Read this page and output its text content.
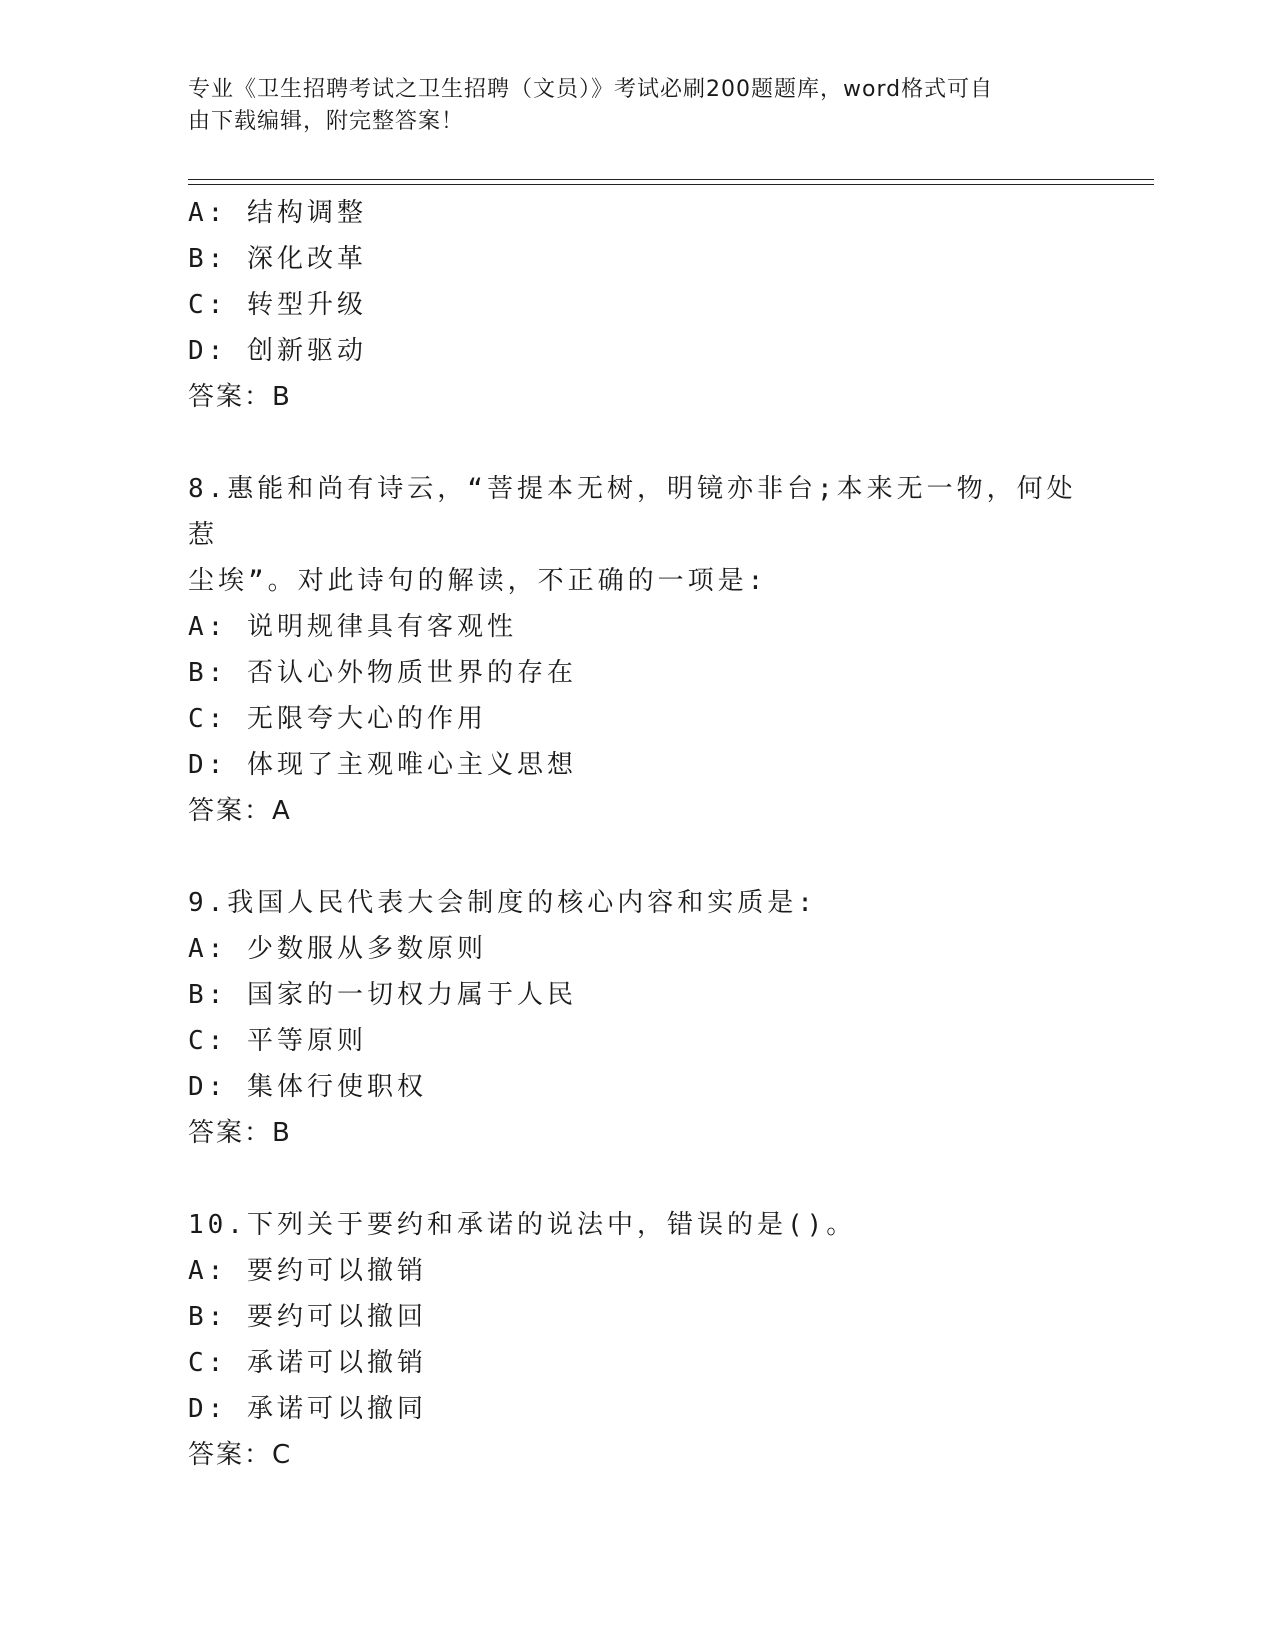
专业《卫生招聘考试之卫生招聘（文员）》考试必刷200题题库，word格式可自
由下载编辑，附完整答案！
A: 结构调整
B: 深化改革
C: 转型升级
D: 创新驱动
答案：B
8.惠能和尚有诗云，“菩提本无树，明镜亦非台;本来无一物，何处惹
尘埃”。对此诗句的解读，不正确的一项是:
A: 说明规律具有客观性
B: 否认心外物质世界的存在
C: 无限夸大心的作用
D: 体现了主观唯心主义思想
答案：A
9.我国人民代表大会制度的核心内容和实质是:
A: 少数服从多数原则
B: 国家的一切权力属于人民
C: 平等原则
D: 集体行使职权
答案：B
10.下列关于要约和承诺的说法中，错误的是()。
A: 要约可以撤销
B: 要约可以撤回
C: 承诺可以撤销
D: 承诺可以撤同
答案：C
